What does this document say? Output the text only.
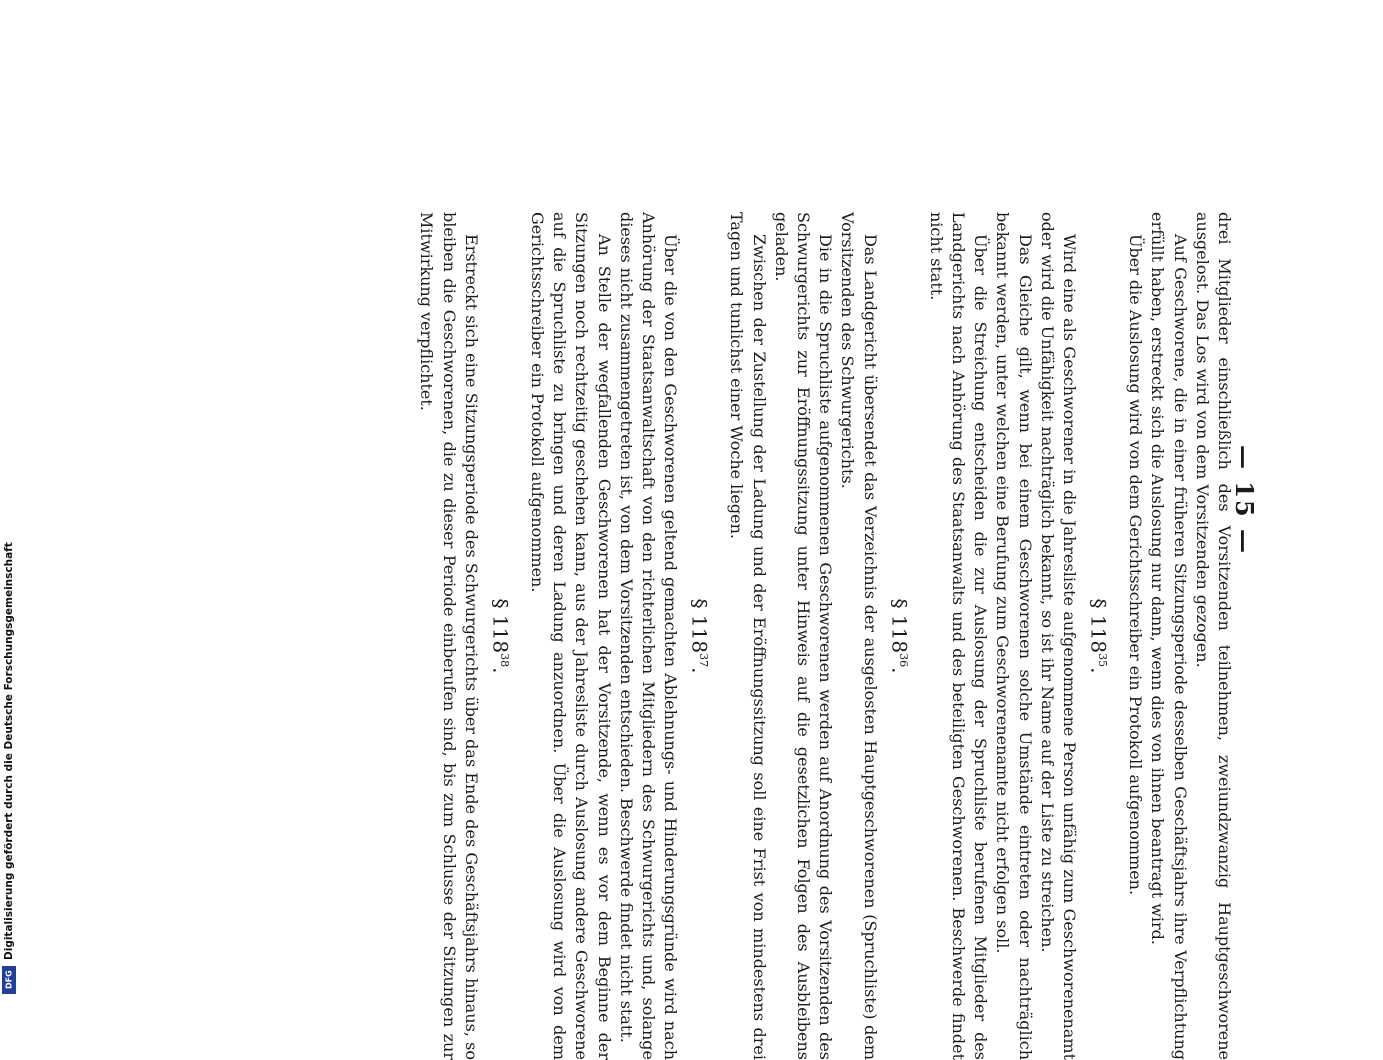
— 15 —

drei Mitglieder einschließlich des Vorsitzenden teilnehmen, zweiundzwanzig Hauptgeschworene ausgelost. Das Los wird von dem Vorsitzenden gezogen.

Auf Geschworene, die in einer früheren Sitzungsperiode desselben Geschäftsjahrs ihre Verpflichtung erfüllt haben, erstreckt sich die Auslosung nur dann, wenn dies von ihnen beantragt wird.

Über die Auslosung wird von dem Gerichtsschreiber ein Protokoll aufgenommen.

§ $118^{35}$.

Wird eine als Geschworener in die Jahresliste aufgenommene Person unfähig zum Geschworenenamt oder wird die Unfähigkeit nachträglich bekannt, so ist ihr Name auf der Liste zu streichen.

Das Gleiche gilt, wenn bei einem Geschworenen solche Umstände eintreten oder nachträglich bekannt werden, unter welchen eine Berufung zum Geschworenenamte nicht erfolgen soll.

Über die Streichung entscheiden die zur Auslosung der Spruchliste berufenen Mitglieder des Landgerichts nach Anhörung des Staatsanwalts und des beteiligten Geschworenen. Beschwerde findet nicht statt.

§ $118^{36}$.

Das Landgericht übersendet das Verzeichnis der ausgelosten Hauptgeschworenen (Spruchliste) dem Vorsitzenden des Schwurgerichts.

Die in die Spruchliste aufgenommenen Geschworenen werden auf Anordnung des Vorsitzenden des Schwurgerichts zur Eröffnungssitzung unter Hinweis auf die gesetzlichen Folgen des Ausbleibens geladen.

Zwischen der Zustellung der Ladung und der Eröffnungssitzung soll eine Frist von mindestens drei Tagen und tunlichst einer Woche liegen.

§ $118^{37}$.

Über die von den Geschworenen geltend gemachten Ablehnungs- und Hinderungsgründe wird nach Anhörung der Staatsanwaltschaft von den richterlichen Mitgliedern des Schwurgerichts und, solange dieses nicht zusammengetreten ist, von dem Vorsitzenden entschieden. Beschwerde findet nicht statt.

An Stelle der wegfallenden Geschworenen hat der Vorsitzende, wenn es vor dem Beginne der Sitzungen noch rechtzeitig geschehen kann, aus der Jahresliste durch Auslosung andere Geschworene auf die Spruchliste zu bringen und deren Ladung anzuordnen. Über die Auslosung wird von dem Gerichtsschreiber ein Protokoll aufgenommen.

§ $118^{38}$.

Erstreckt sich eine Sitzungsperiode des Schwurgerichts über das Ende des Geschäftsjahrs hinaus, so bleiben die Geschworenen, die zu dieser Periode einberufen sind, bis zum Schlusse der Sitzungen zur Mitwirkung verpflichtet.

Digitalisierung gefördert durch die Deutsche Forschungsgemeinschaft
DFG
